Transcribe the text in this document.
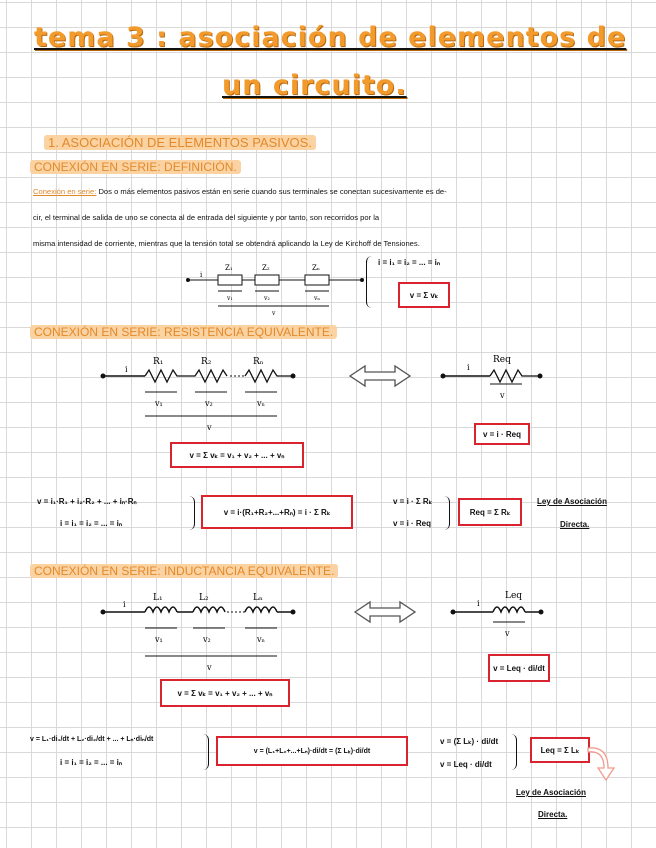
tema 3 : asociación de elementos de
un circuito.
1. ASOCIACIÓN DE ELEMENTOS PASIVOS.
CONEXIÓN EN SERIE: DEFINICIÓN.
Conexión en serie: Dos o más elementos pasivos están en serie cuando sus terminales se conectan sucesivamente es de-
cir, el terminal de salida de uno se conecta al de entrada del siguiente y por tanto, son recorridos por la
misma intensidad de corriente, mientras que la tensión total se obtendrá aplicando la Ley de Kirchoff de Tensiones.
Z₁	Z₂	Zₙ
i
v₁	v₂	vₙ
v
i = i₁ = i₂ = ... = iₙ
v = Σ vₖ
CONEXIÓN EN SERIE: RESISTENCIA EQUIVALENTE.
i
R₁	R₂	Rₙ
v₁	v₂	vₙ
v
i
Req
v
v = i · Req
v = Σ vₖ = v₁ + v₂ + ... + vₙ
v = i₁·R₁ + i₂·R₂ + ... + iₙ·Rₙ
i = i₁ = i₂ = ... = iₙ
v = i·(R₁+R₂+...+Rₙ) = i · Σ Rₖ
v = i · Σ Rₖ
v = i · Req
Req = Σ Rₖ
Ley de Asociación
Directa.
CONEXIÓN EN SERIE: INDUCTANCIA EQUIVALENTE.
i
L₁	L₂	Lₙ
v₁	v₂	vₙ
v
i
Leq
v
v = Leq · di/dt
v = Σ vₖ = v₁ + v₂ + ... + vₙ
v = L₁·di₁/dt + L₂·di₂/dt + ... + Lₙ·diₙ/dt
i = i₁ = i₂ = ... = iₙ
v = (L₁+L₂+...+Lₙ)·di/dt = (Σ Lₖ)·di/dt
v = (Σ Lₖ) · di/dt
v = Leq · di/dt
Leq = Σ Lₖ
Ley de Asociación
Directa.
